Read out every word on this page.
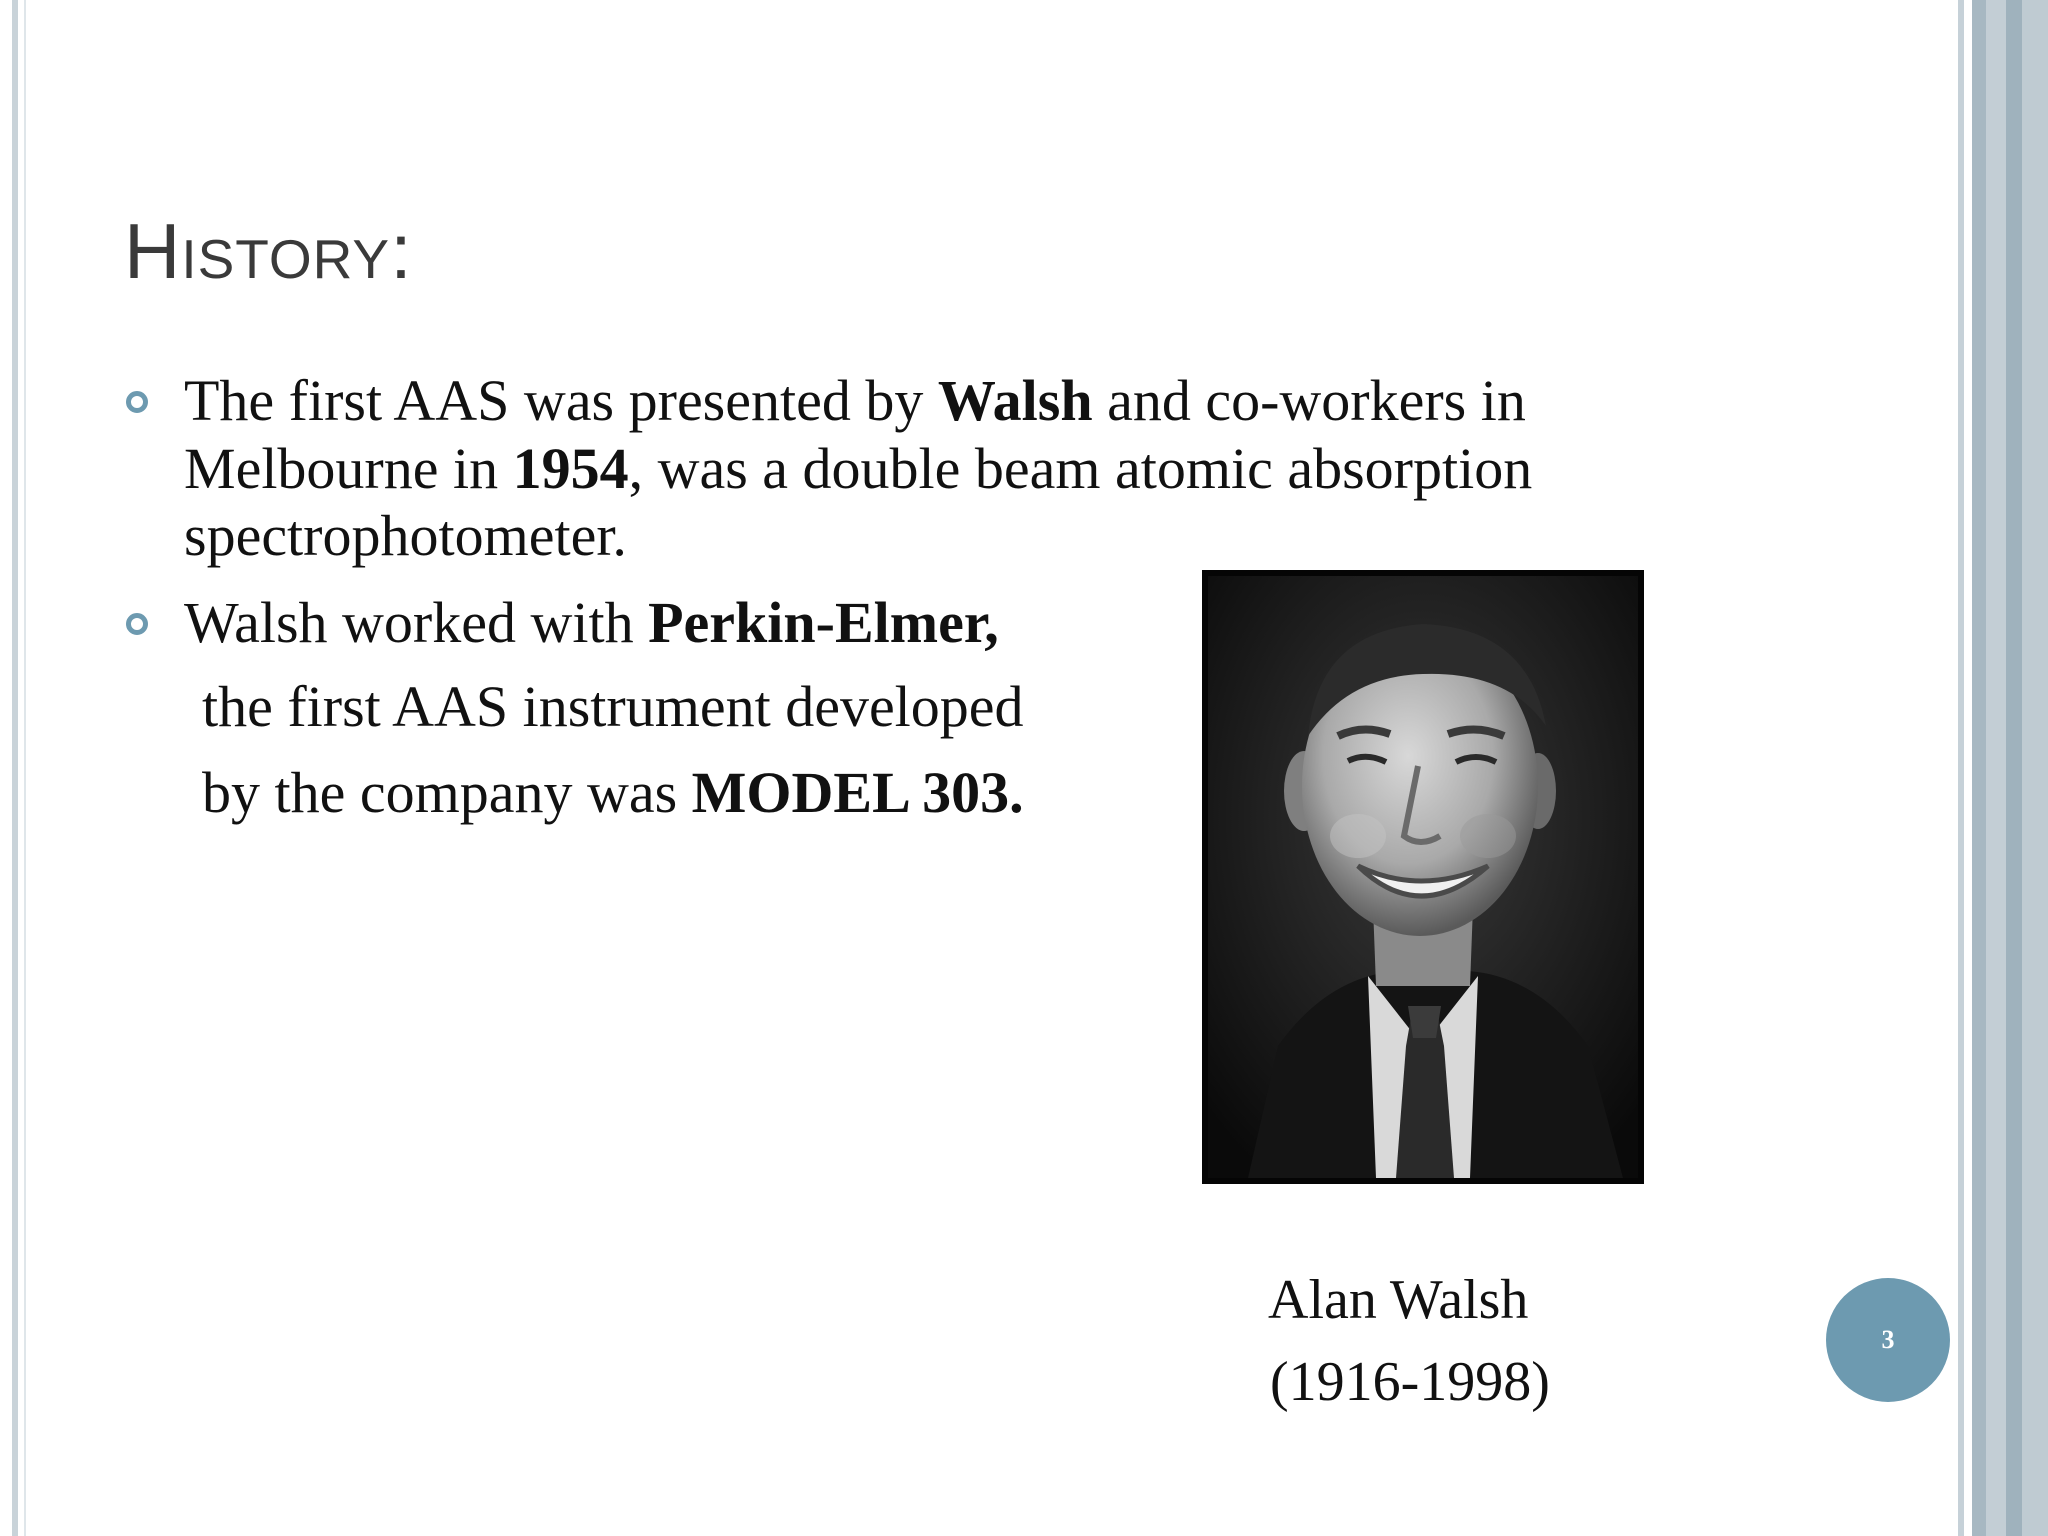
History:
The first AAS was presented by Walsh and co-workers in
Melbourne in 1954, was a double beam atomic absorption
spectrophotometer.
Walsh worked with Perkin-Elmer,
the first AAS instrument developed
by the company was MODEL 303.
Alan Walsh
(1916-1998)
3
